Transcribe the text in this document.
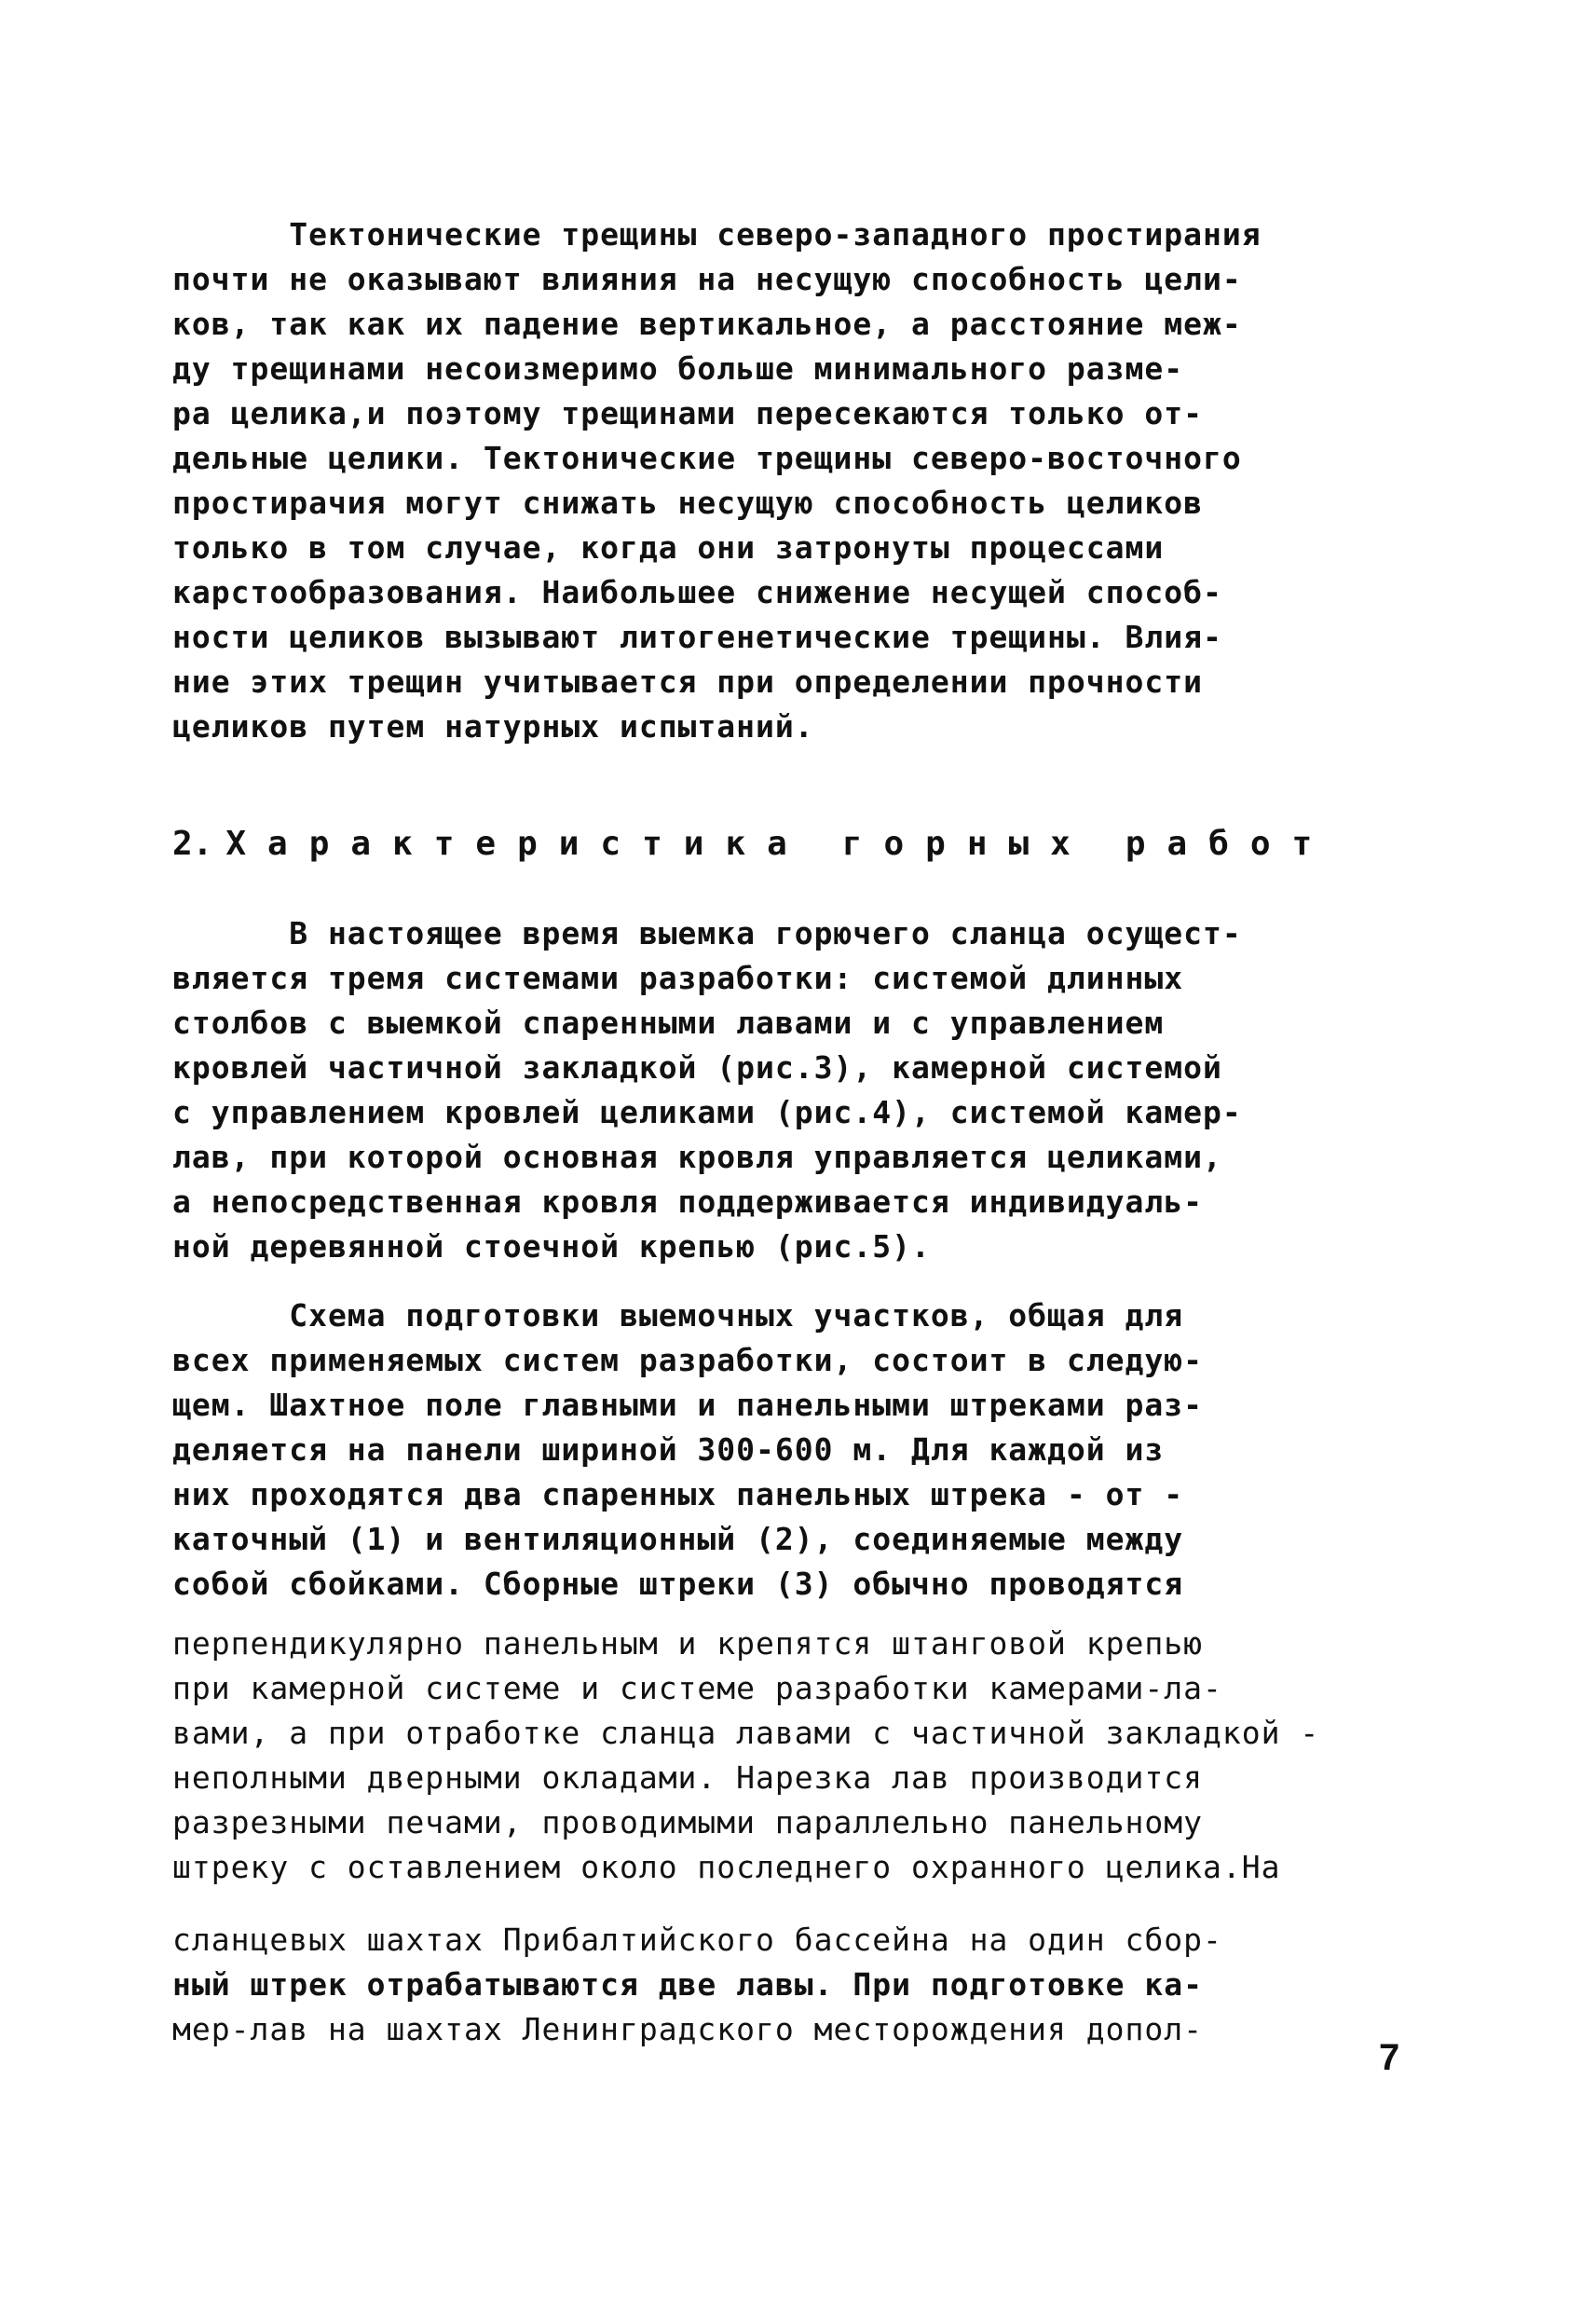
Тектонические трещины северо-западного простирания
почти не оказывают влияния на несущую способность цели-
ков, так как их падение вертикальное, а расстояние меж-
ду трещинами несоизмеримо больше минимального разме-
ра целика,и поэтому трещинами пересекаются только от-
дельные целики. Тектонические трещины северо-восточного
простирачия могут снижать несущую способность целиков
только в том случае, когда они затронуты процессами
карстообразования. Наибольшее снижение несущей способ-
ности целиков вызывают литогенетические трещины. Влия-
ние этих трещин учитывается при определении прочности
целиков путем натурных испытаний.
2. Характеристика горных работ
В настоящее время выемка горючего сланца осущест-
вляется тремя системами разработки: системой длинных
столбов с выемкой спаренными лавами и с управлением
кровлей частичной закладкой (рис.3), камерной системой
с управлением кровлей целиками (рис.4), системой камер-
лав, при которой основная кровля управляется целиками,
а непосредственная кровля поддерживается индивидуаль-
ной деревянной стоечной крепью (рис.5).
Схема подготовки выемочных участков, общая для
всех применяемых систем разработки, состоит в следую-
щем. Шахтное поле главными и панельными штреками раз-
деляется на панели шириной 300-600 м. Для каждой из
них проходятся два спаренных панельных штрека - от -
каточный (1) и вентиляционный (2), соединяемые между
собой сбойками. Сборные штреки (3) обычно проводятся
перпендикулярно панельным и крепятся штанговой крепью
при камерной системе и системе разработки камерами-ла-
вами, а при отработке сланца лавами с частичной закладкой -
неполными дверными окладами. Нарезка лав производится
разрезными печами, проводимыми параллельно панельному
штреку с оставлением около последнего охранного целика.На
сланцевых шахтах Прибалтийского бассейна на один сбор-
ный штрек отрабатываются две лавы. При подготовке ка-
мер-лав на шахтах Ленинградского месторождения допол-
7
